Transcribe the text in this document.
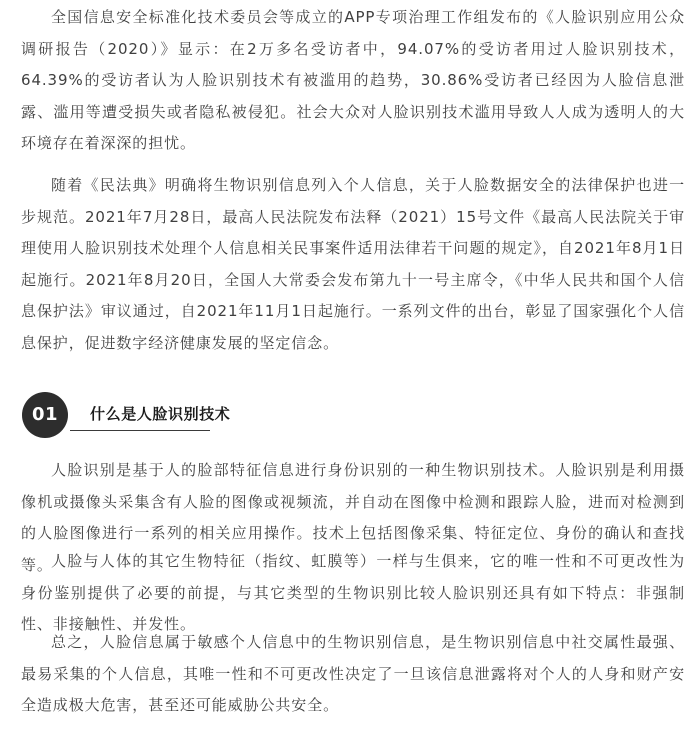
全国信息安全标准化技术委员会等成立的APP专项治理工作组发布的《人脸识别应用公众调研报告（2020）》显示：在2万多名受访者中，94.07%的受访者用过人脸识别技术，64.39%的受访者认为人脸识别技术有被滥用的趋势，30.86%受访者已经因为人脸信息泄露、滥用等遭受损失或者隐私被侵犯。社会大众对人脸识别技术滥用导致人人成为透明人的大环境存在着深深的担忧。

随着《民法典》明确将生物识别信息列入个人信息，关于人脸数据安全的法律保护也进一步规范。2021年7月28日，最高人民法院发布法释（2021）15号文件《最高人民法院关于审理使用人脸识别技术处理个人信息相关民事案件适用法律若干问题的规定》，自2021年8月1日起施行。2021年8月20日，全国人大常委会发布第九十一号主席令，《中华人民共和国个人信息保护法》审议通过，自2021年11月1日起施行。一系列文件的出台，彰显了国家强化个人信息保护，促进数字经济健康发展的坚定信念。

01	什么是人脸识别技术

人脸识别是基于人的脸部特征信息进行身份识别的一种生物识别技术。人脸识别是利用摄像机或摄像头采集含有人脸的图像或视频流，并自动在图像中检测和跟踪人脸，进而对检测到的人脸图像进行一系列的相关应用操作。技术上包括图像采集、特征定位、身份的确认和查找等。

人脸与人体的其它生物特征（指纹、虹膜等）一样与生俱来，它的唯一性和不可更改性为身份鉴别提供了必要的前提，与其它类型的生物识别比较人脸识别还具有如下特点：非强制性、非接触性、并发性。

总之，人脸信息属于敏感个人信息中的生物识别信息，是生物识别信息中社交属性最强、最易采集的个人信息，其唯一性和不可更改性决定了一旦该信息泄露将对个人的人身和财产安全造成极大危害，甚至还可能威胁公共安全。
